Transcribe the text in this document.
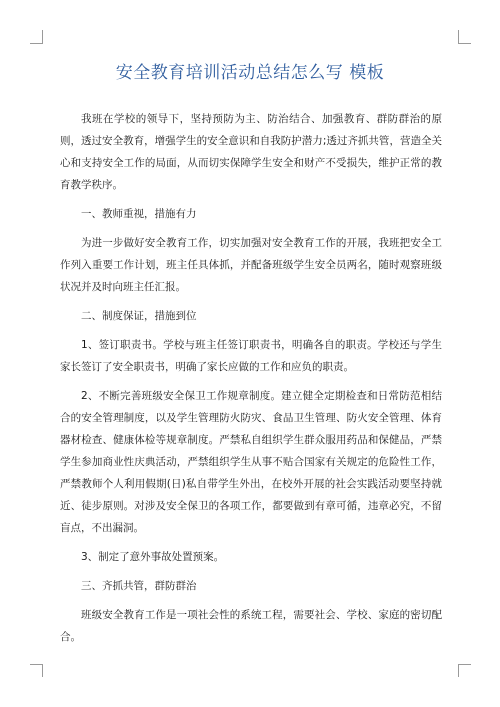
安全教育培训活动总结怎么写 模板

我班在学校的领导下，坚持预防为主、防治结合、加强教育、群防群治的原则，透过安全教育，增强学生的安全意识和自我防护潜力;透过齐抓共管，营造全关心和支持安全工作的局面，从而切实保障学生安全和财产不受损失，维护正常的教育教学秩序。

一、教师重视，措施有力

为进一步做好安全教育工作，切实加强对安全教育工作的开展，我班把安全工作列入重要工作计划，班主任具体抓，并配备班级学生安全员两名，随时观察班级状况并及时向班主任汇报。

二、制度保证，措施到位

1、签订职责书。学校与班主任签订职责书，明确各自的职责。学校还与学生家长签订了安全职责书，明确了家长应做的工作和应负的职责。

2、不断完善班级安全保卫工作规章制度。建立健全定期检查和日常防范相结合的安全管理制度，以及学生管理防火防灾、食品卫生管理、防火安全管理、体育器材检查、健康体检等规章制度。严禁私自组织学生群众服用药品和保健品，严禁学生参加商业性庆典活动，严禁组织学生从事不贴合国家有关规定的危险性工作，严禁教师个人利用假期(日)私自带学生外出，在校外开展的社会实践活动要坚持就近、徒步原则。对涉及安全保卫的各项工作，都要做到有章可循，违章必究，不留盲点，不出漏洞。

3、制定了意外事故处置预案。

三、齐抓共管，群防群治

班级安全教育工作是一项社会性的系统工程，需要社会、学校、家庭的密切配合。
